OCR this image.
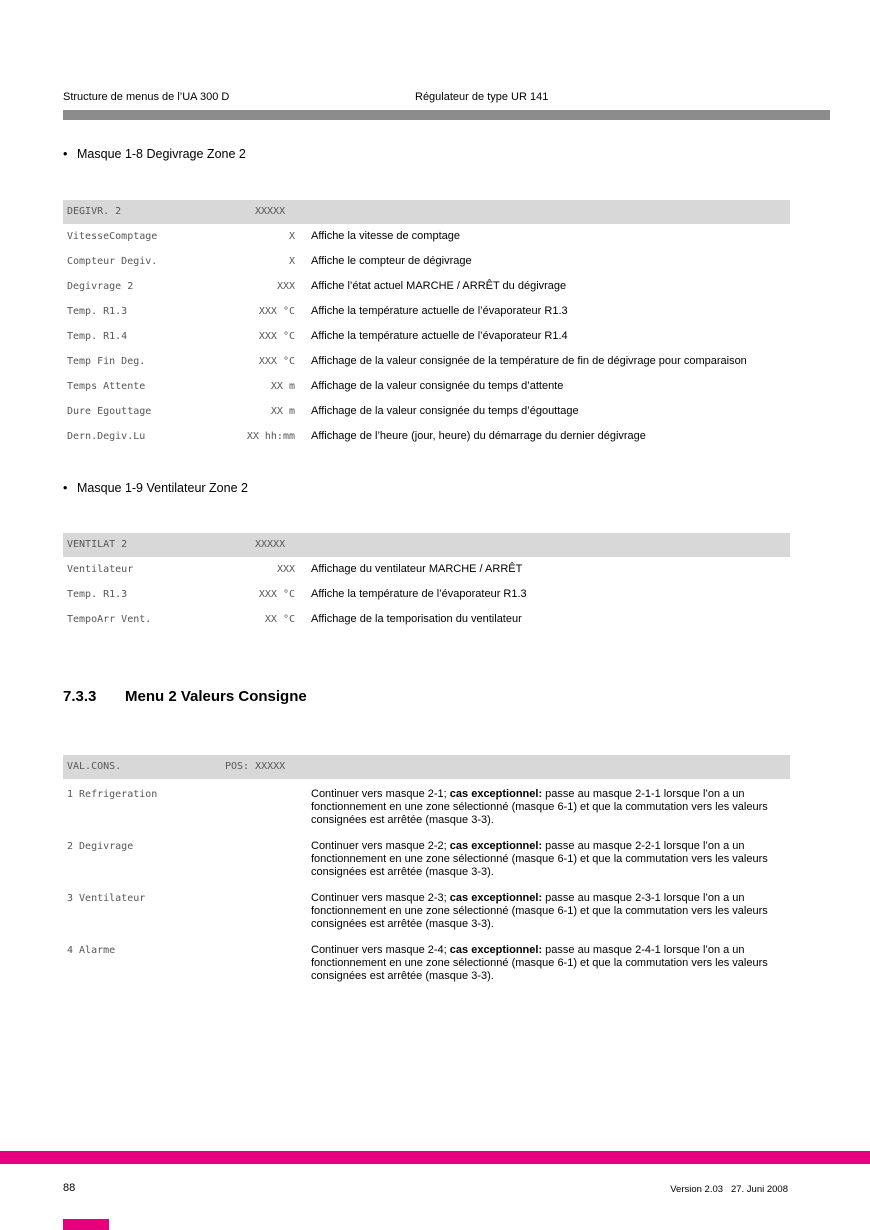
Structure de menus de l’UA 300 D	Régulateur de type UR 141
• Masque 1-8 Degivrage Zone 2
DEGIVR. 2	XXXXX
VitesseComptage	X	Affiche la vitesse de comptage
Compteur Degiv.	X	Affiche le compteur de dégivrage
Degivrage 2	XXX	Affiche l’état actuel MARCHE / ARRÊT du dégivrage
Temp. R1.3	XXX °C	Affiche la température actuelle de l’évaporateur R1.3
Temp. R1.4	XXX °C	Affiche la température actuelle de l’évaporateur R1.4
Temp Fin Deg.	XXX °C	Affichage de la valeur consignée de la température de fin de dégivrage pour comparaison
Temps Attente	XX m	Affichage de la valeur consignée du temps d’attente
Dure Egouttage	XX m	Affichage de la valeur consignée du temps d’égouttage
Dern.Degiv.Lu	XX hh:mm	Affichage de l’heure (jour, heure) du démarrage du dernier dégivrage
• Masque 1-9 Ventilateur Zone 2
VENTILAT 2	XXXXX
Ventilateur	XXX	Affichage du ventilateur MARCHE / ARRÊT
Temp. R1.3	XXX °C	Affiche la température de l’évaporateur R1.3
TempoArr Vent.	XX °C	Affichage de la temporisation du ventilateur
7.3.3 Menu 2 Valeurs Consigne
VAL.CONS.	POS: XXXXX
1 Refrigeration	Continuer vers masque 2-1; cas exceptionnel: passe au masque 2-1-1 lorsque l’on a un fonctionnement en une zone sélectionné (masque 6-1) et que la commutation vers les valeurs consignées est arrêtée (masque 3-3).
2 Degivrage	Continuer vers masque 2-2; cas exceptionnel: passe au masque 2-2-1 lorsque l’on a un fonctionnement en une zone sélectionné (masque 6-1) et que la commutation vers les valeurs consignées est arrêtée (masque 3-3).
3 Ventilateur	Continuer vers masque 2-3; cas exceptionnel: passe au masque 2-3-1 lorsque l’on a un fonctionnement en une zone sélectionné (masque 6-1) et que la commutation vers les valeurs consignées est arrêtée (masque 3-3).
4 Alarme	Continuer vers masque 2-4; cas exceptionnel: passe au masque 2-4-1 lorsque l’on a un fonctionnement en une zone sélectionné (masque 6-1) et que la commutation vers les valeurs consignées est arrêtée (masque 3-3).
88	Version 2.03   27. Juni 2008
